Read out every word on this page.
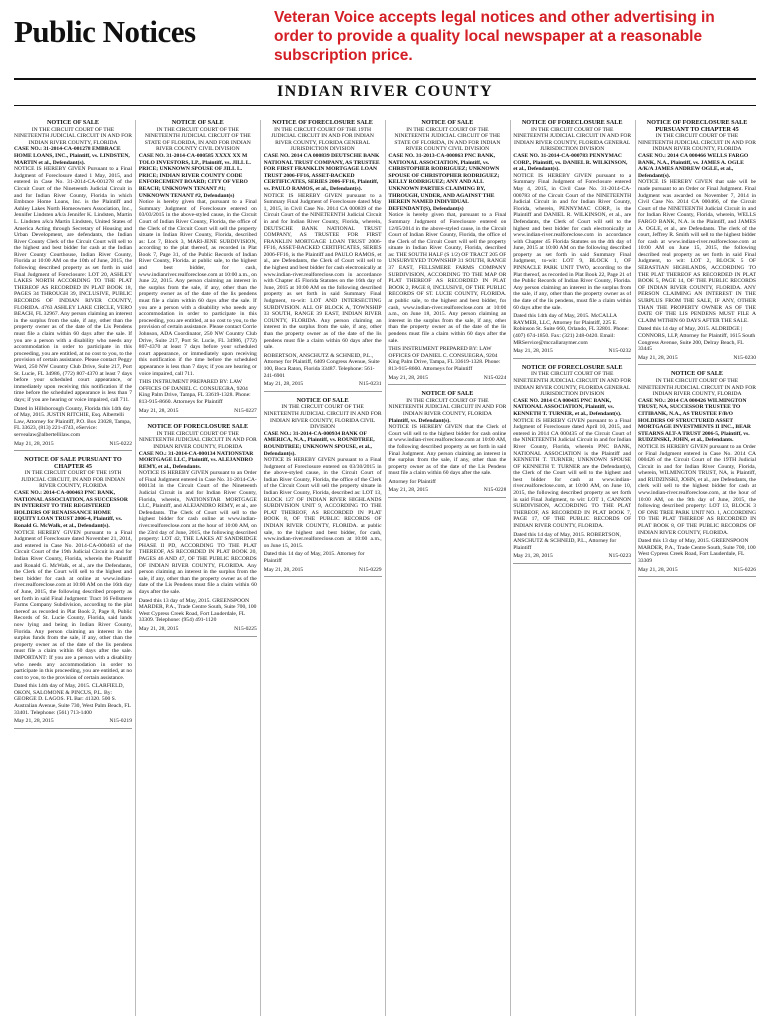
Public Notices	Veteran Voice accepts legal notices and other advertising in order to provide a quality local newspaper at a reasonable subscription price.
INDIAN RIVER COUNTY
NOTICE OF SALE
IN THE CIRCUIT COURT OF THE NINETEENTH JUDICIAL CIRCUIT IN AND FOR INDIAN RIVER COUNTY, FLORIDA
CASE NO.: 31-2014-CA-001278 EMBRACE HOME LOANS, INC., Plaintiff, vs. LINDSTEN, MARTIN et al., Defendant(s).
NOTICE IS HEREBY GIVEN Pursuant to a Final Judgment of Foreclosure dated 1 May, 2015, and entered in Case No. 31-2014-CA-001278 of the Circuit Court of the Nineteenth Judicial Circuit in and for Indian River County, Florida in which Embrace Home Loans, Inc. is the Plaintiff and Ashley Lakes North Homeowners Association, Inc., Jennifer Lindsten a/k/a Jennifer K. Lindsten, Martin L. Lindsten a/k/a Martin Lindsten, United States of America Acting through Secretary of Housing and Urban Development, are defendants, the Indian River County Clerk of the Circuit Court will sell to the highest and best bidder for cash at the Indian River County Courthouse, Indian River County, Florida at 10:00 AM on the 10th of June, 2015, the following described property as set forth in said Final Judgment of Foreclosure: LOT 20, ASHLEY LAKES NORTH ACCORDING TO THE PLAT THEREOF AS RECORDED IN PLAT BOOK 18, PAGES 34 THROUGH 39, INCLUSIVE, PUBLIC RECORDS OF INDIAN RIVER COUNTY, FLORIDA. 4763 ASHLEY LAKE CIRCLE, VERO BEACH, FL 32967. Any person claiming an interest in the surplus from the sale, if any, other than the property owner as of the date of the Lis Pendens must file a claim within 60 days after the sale. If you are a person with a disability who needs any accommodation in order to participate in this proceeding, you are entitled, at no cost to you, to the provision of certain assistance. Please contact Peggy Ward, 250 NW Country Club Drive, Suite 217, Port St. Lucie, FL 34986, (772) 807-4370 at least 7 days before your scheduled court appearance, or immediately upon receiving this notification if the time before the scheduled appearance is less than 7 days; if you are hearing or voice impaired, call 711.
Dated in Hillsborough County, Florida this 14th day of May, 2015. JUSTIN RITCHIE, Esq. Albertelli Law, Attorney for Plaintiff, P.O. Box 23028, Tampa, FL 33623, (813) 221-4743, eService: servealaw@albertellilaw.com
May 21, 28, 2015	N15-0222
NOTICE OF SALE PURSUANT TO CHAPTER 45
IN THE CIRCUIT COURT OF THE 19TH JUDICIAL CIRCUIT, IN AND FOR INDIAN RIVER COUNTY, FLORIDA
CASE NO.: 2014-CA-000463 PNC BANK, NATIONAL ASSOCIATION, AS SUCCESSOR IN INTEREST TO THE REGISTERED HOLDERS OF RENAISSANCE HOME EQUITY LOAN TRUST 2006-4, Plaintiff, vs. Ronald G. McWalk, et al., Defendant(s).
NOTICE HEREBY GIVEN pursuant to a Final Judgment of Foreclosure dated November 21, 2014, and entered in Case No. 2014-CA-000463 of the Circuit Court of the 19th Judicial Circuit in and for Indian River County, Florida, wherein the Plaintiff and Ronald G. McWalk, et al., are the Defendants, the Clerk of the Court will sell to the highest and best bidder for cash at online at www.indian-river.realforeclose.com at 10:00 AM on the 16th day of June, 2015, the following described property as set forth in said Final Judgment: Tract 16 Fellsmere Farms Company Subdivision, according to the plat thereof as recorded in Plat Book 2, Page 8, Public Records of St. Lucie County, Florida, said lands now lying and being in Indian River County, Florida. Any person claiming an interest in the surplus funds from the sale, if any, other than the property owner as of the date of the lis pendens must file a claim within 60 days after the sale. IMPORTANT: If you are a person with a disability who needs any accommodation in order to participate in this proceeding, you are entitled, at no cost to you, to the provision of certain assistance.
Dated this 14th day of May, 2015. CLARFIELD, OKON, SALOMONE & PINCUS, P.L. By: GEORGE D. LAGOS. FL Bar: 41320. 500 S. Australian Avenue, Suite 730, West Palm Beach, FL 33401. Telephone: (561) 713-1400
May 21, 28, 2015	N15-0219
NOTICE OF SALE
IN THE CIRCUIT COURT OF THE NINETEENTH JUDICIAL CIRCUIT OF THE STATE OF FLORIDA, IN AND FOR INDIAN RIVER COUNTY CIVIL DIVISION
CASE NO. 31-2014-CA-000585 XXXX XX M TOLO INVESTORS, LP., Plaintiff, vs. JILL L. PRICE; UNKNOWN SPOUSE OF JILL L. PRICE; INDIAN RIVER COUNTY CODE ENFORCEMENT BOARD; CITY OF VERO BEACH; UNKNOWN TENANT #1; UNKNOWN TENANT #2, Defendant(s)
Notice is hereby given that, pursuant to a Final Summary Judgment of Foreclosure entered on 03/03/2015 in the above-styled cause, in the Circuit Court of Indian River County, Florida, the office of the Clerk of the Circuit Court will sell the property situate in Indian River County, Florida, described as: Lot 7, Block 3, MARI-JENE SUBDIVISION, according to the plat thereof, as recorded in Plat Book 7, Page 31, of the Public Records of Indian River County, Florida. at public sale, to the highest and best bidder, for cash, www.indianriver.realforeclose.com at 10:00 a.m., on June 22, 2015. Any person claiming an interest in the surplus from the sale, if any, other than the property owner as of the date of the lis pendens must file a claim within 60 days after the sale. If you are a person with a disability who needs any accommodation in order to participate in this proceeding, you are entitled, at no cost to you, to the provision of certain assistance. Please contact Corrie Johnson, ADA Coordinator, 250 NW Country Club Drive, Suite 217, Port St. Lucie, FL 34986, (772) 807-4370 at least 7 days before your scheduled court appearance, or immediately upon receiving this notification if the time before the scheduled appearance is less than 7 days; if you are hearing or voice impaired, call 711.
THIS INSTRUMENT PREPARED BY: LAW OFFICES OF DANIEL C. CONSUEGRA, 9204 King Palm Drive, Tampa, FL 33619-1328. Phone: 813-915-8660. Attorneys for Plaintiff
May 21, 28, 2015	N15-0227
NOTICE OF FORECLOSURE SALE
IN THE CIRCUIT COURT OF THE NINETEENTH JUDICIAL CIRCUIT IN AND FOR INDIAN RIVER COUNTY, FLORIDA
CASE NO.: 31-2014-CA-000134 NATIONSTAR MORTGAGE LLC, Plaintiff, vs. ALEJANDRO REMY, et al., Defendants.
NOTICE IS HEREBY GIVEN pursuant to an Order of Final Judgment entered in Case No. 31-2014-CA-000134 in the Circuit Court of the Nineteenth Judicial Circuit in and for Indian River County, Florida, wherein, NATIONSTAR MORTGAGE LLC, Plaintiff, and ALEJANDRO REMY, et al., are Defendants. The Clerk of Court will sell to the highest bidder for cash online at www.indian-river.realforeclose.com at the hour of 10:00 AM, on the 23rd day of June, 2015, the following described property: LOT 42, THE LAKES AT SANDRIDGE PHASE II PD, ACCORDING TO THE PLAT THEREOF, AS RECORDED IN PLAT BOOK 20, PAGES 46 AND 47, OF THE PUBLIC RECORDS OF INDIAN RIVER COUNTY, FLORIDA. Any person claiming an interest in the surplus from the sale, if any, other than the property owner as of the date of the Lis Pendens must file a claim within 60 days after the sale.
Dated this 13 day of May, 2015. GREENSPOON MARDER, P.A., Trade Centre South, Suite 700, 100 West Cypress Creek Road, Fort Lauderdale, FL 33309. Telephone: (954) 491-1120
May 21, 28, 2015	N15-0225
NOTICE OF FORECLOSURE SALE
IN THE CIRCUIT COURT OF THE 19TH JUDICIAL CIRCUIT IN AND FOR INDIAN RIVER COUNTY, FLORIDA GENERAL JURISDICTION DIVISION
CASE NO. 2014 CA 000839 DEUTSCHE BANK NATIONAL TRUST COMPANY, AS TRUSTEE FOR FIRST FRANKLIN MORTGAGE LOAN TRUST 2006-FF16, ASSET-BACKED CERTIFICATES, SERIES 2006-FF16, Plaintiff, vs. PAULO RAMOS, et al., Defendant(s).
NOTICE IS HEREBY GIVEN pursuant to a Summary Final Judgment of Foreclosure dated May 1, 2015, in Civil Case No. 2014 CA 000839 of the Circuit Court of the NINETEENTH Judicial Circuit in and for Indian River County, Florida, wherein, DEUTSCHE BANK NATIONAL TRUST COMPANY, AS TRUSTEE FOR FIRST FRANKLIN MORTGAGE LOAN TRUST 2006-FF16, ASSET-BACKED CERTIFICATES, SERIES 2006-FF16, is the Plaintiff and PAULO RAMOS, et al., are Defendants, the Clerk of Court will sell to the highest and best bidder for cash electronically at www.indian-river.realforeclose.com in accordance with Chapter 45 Florida Statutes on the 16th day of June, 2015 at 10:00 AM on the following described property as set forth in said Summary Final Judgment, to-wit: LOT AND INTERSECTING SUBDIVISION. ALL OF BLOCK A, TOWNSHIP 33 SOUTH, RANGE 39 EAST, INDIAN RIVER COUNTY, FLORIDA. Any person claiming an interest in the surplus from the sale, if any, other than the property owner as of the date of the lis pendens must file a claim within 60 days after the sale.
ROBERTSON, ANSCHUTZ & SCHNEID, P.L., Attorney for Plaintiff, 6409 Congress Avenue, Suite 100, Boca Raton, Florida 33487. Telephone: 561-241-6901
May 21, 28, 2015	N15-0231
NOTICE OF SALE
IN THE CIRCUIT COURT OF THE NINETEENTH JUDICIAL CIRCUIT IN AND FOR INDIAN RIVER COUNTY, FLORIDA CIVIL DIVISION
CASE NO.: 31-2014-CA-000934 BANK OF AMERICA, N.A., Plaintiff, vs. ROUNDTREE, ROUNDTREE; UNKNOWN SPOUSE, et al., Defendant(s).
NOTICE IS HEREBY GIVEN pursuant to a Final Judgment of Foreclosure entered on 03/30/2015 in the above-styled cause, in the Circuit Court of Indian River County, Florida, the office of the Clerk of the Circuit Court will sell the property situate in Indian River County, Florida, described as: LOT 13, BLOCK 127 OF INDIAN RIVER HIGHLANDS SUBDIVISION UNIT 9, ACCORDING TO THE PLAT THEREOF, AS RECORDED IN PLAT BOOK 8, OF THE PUBLIC RECORDS OF INDIAN RIVER COUNTY, FLORIDA. at public sale, to the highest and best bidder, for cash, www.indian-river.realforeclose.com at 10:00 a.m., on June 15, 2015.
Dated this 14 day of May, 2015. Attorney for Plaintiff
May 21, 28, 2015	N15-0229
NOTICE OF SALE
IN THE CIRCUIT COURT OF THE NINETEENTH JUDICIAL CIRCUIT OF THE STATE OF FLORIDA, IN AND FOR INDIAN RIVER COUNTY CIVIL DIVISION
CASE NO. 31-2013-CA-000863 PNC BANK, NATIONAL ASSOCIATION, Plaintiff, vs. CHRISTOPHER RODRIGUEZ; UNKNOWN SPOUSE OF CHRISTOPHER RODRIGUEZ; KELLY RODRIGUEZ; ANY AND ALL UNKNOWN PARTIES CLAIMING BY, THROUGH, UNDER, AND AGAINST THE HEREIN NAMED INDIVIDUAL DEFENDANT(S), Defendant(s)
Notice is hereby given that, pursuant to a Final Summary Judgment of Foreclosure entered on 12/05/2014 in the above-styled cause, in the Circuit Court of Indian River County, Florida, the office of the Clerk of the Circuit Court will sell the property situate in Indian River County, Florida, described as: THE SOUTH HALF (S 1/2) OF TRACT 205 OF UNSURVEYED TOWNSHIP 31 SOUTH, RANGE 37 EAST, FELLSMERE FARMS COMPANY SUBDIVISION, ACCORDING TO THE MAP OR PLAT THEREOF AS RECORDED IN PLAT BOOK 2, PAGE 8, INCLUSIVE, OF THE PUBLIC RECORDS OF ST. LUCIE COUNTY, FLORIDA. at public sale, to the highest and best bidder, for cash, www.indian-river.realforeclose.com at 10:00 a.m., on June 18, 2015. Any person claiming an interest in the surplus from the sale, if any, other than the property owner as of the date of the lis pendens must file a claim within 60 days after the sale.
THIS INSTRUMENT PREPARED BY: LAW OFFICES OF DANIEL C. CONSUEGRA, 9204 King Palm Drive, Tampa, FL 33619-1328. Phone: 813-915-8660. Attorneys for Plaintiff
May 21, 28, 2015	N15-0224
NOTICE OF SALE
IN THE CIRCUIT COURT OF THE NINETEENTH JUDICIAL CIRCUIT IN AND FOR INDIAN RIVER COUNTY, FLORIDA
Plaintiff, vs. Defendant(s).
NOTICE IS HEREBY GIVEN that the Clerk of Court will sell to the highest bidder for cash online at www.indian-river.realforeclose.com at 10:00 AM, the following described property as set forth in said Final Judgment. Any person claiming an interest in the surplus from the sale, if any, other than the property owner as of the date of the Lis Pendens must file a claim within 60 days after the sale.
Attorney for Plaintiff
May 21, 28, 2015	N15-0228
NOTICE OF FORECLOSURE SALE
IN THE CIRCUIT COURT OF THE NINETEENTH JUDICIAL CIRCUIT IN AND FOR INDIAN RIVER COUNTY, FLORIDA GENERAL JURISDICTION DIVISION
CASE NO. 31-2014-CA-000783 PENNYMAC CORP., Plaintiff, vs. DANIEL R. WILKINSON, et al., Defendant(s).
NOTICE IS HEREBY GIVEN pursuant to a Summary Final Judgment of Foreclosure entered May 4, 2015, in Civil Case No. 31-2014-CA-000783 of the Circuit Court of the NINETEENTH Judicial Circuit in and for Indian River County, Florida, wherein, PENNYMAC CORP., is the Plaintiff and DANIEL R. WILKINSON, et al., are Defendants, the Clerk of Court will sell to the highest and best bidder for cash electronically at www.indian-river.realforeclose.com in accordance with Chapter 45 Florida Statutes on the 4th day of June, 2015 at 10:00 AM on the following described property as set forth in said Summary Final Judgment, to-wit: LOT 9, BLOCK 1, OF PINNACLE PARK UNIT TWO, according to the Plat thereof, as recorded in Plat Book 22, Page 21 of the Public Records of Indian River County, Florida. Any person claiming an interest in the surplus from the sale, if any, other than the property owner as of the date of the lis pendens, must file a claim within 60 days after the sale.
Dated this 14th day of May, 2015. McCALLA RAYMER, LLC, Attorney for Plaintiff, 225 E. Robinson St. Suite 660, Orlando, FL 32801. Phone: (407) 674-1850. Fax: (321) 248-0420. Email: MRService@mccallaraymer.com
May 21, 28, 2015	N15-0232
NOTICE OF FORECLOSURE SALE
IN THE CIRCUIT COURT OF THE NINETEENTH JUDICIAL CIRCUIT IN AND FOR INDIAN RIVER COUNTY, FLORIDA GENERAL JURISDICTION DIVISION
CASE NO. 2014 CA 000435 PNC BANK, NATIONAL ASSOCIATION, Plaintiff, vs. KENNETH T. TURNER, et al., Defendant(s).
NOTICE IS HEREBY GIVEN pursuant to a Final Judgment of Foreclosure dated April 10, 2015, and entered in 2014 CA 000435 of the Circuit Court of the NINETEENTH Judicial Circuit in and for Indian River County, Florida, wherein PNC BANK, NATIONAL ASSOCIATION is the Plaintiff and KENNETH T. TURNER; UNKNOWN SPOUSE OF KENNETH T. TURNER are the Defendant(s), the Clerk of the Court will sell to the highest and best bidder for cash at www.indian-river.realforeclose.com, at 10:00 AM, on June 10, 2015, the following described property as set forth in said Final Judgment, to wit: LOT 1, CANNON SUBDIVISION, ACCORDING TO THE PLAT THEREOF, AS RECORDED IN PLAT BOOK 7, PAGE 17, OF THE PUBLIC RECORDS OF INDIAN RIVER COUNTY, FLORIDA.
Dated this 14 day of May, 2015. ROBERTSON, ANSCHUTZ & SCHNEID, P.L., Attorney for Plaintiff
May 21, 28, 2015	N15-0223
NOTICE OF FORECLOSURE SALE PURSUANT TO CHAPTER 45
IN THE CIRCUIT COURT OF THE NINETEENTH JUDICIAL CIRCUIT IN AND FOR INDIAN RIVER COUNTY, FLORIDA
CASE NO.: 2014 CA 000466 WELLS FARGO BANK, N.A., Plaintiff, vs. JAMES A. OGLE A/K/A JAMES ANDREW OGLE, et al., Defendant(s).
NOTICE IS HEREBY GIVEN that sale will be made pursuant to an Order or Final Judgment. Final Judgment was awarded on November 7, 2014 in Civil Case No. 2014 CA 000466, of the Circuit Court of the NINETEENTH Judicial Circuit in and for Indian River County, Florida, wherein, WELLS FARGO BANK, N.A. is the Plaintiff, and JAMES A. OGLE, et al., are Defendants. The clerk of the court, Jeffrey R. Smith will sell to the highest bidder for cash at www.indian-river.realforeclose.com at 10:00 AM on June 15, 2015, the following described real property as set forth in said Final Judgment, to wit: LOT 2, BLOCK 5 OF SEBASTIAN HIGHLANDS, ACCORDING TO THE PLAT THEREOF AS RECORDED IN PLAT BOOK 5, PAGE 14, OF THE PUBLIC RECORDS OF INDIAN RIVER COUNTY, FLORIDA. ANY PERSON CLAIMING AN INTEREST IN THE SURPLUS FROM THE SALE, IF ANY, OTHER THAN THE PROPERTY OWNER AS OF THE DATE OF THE LIS PENDENS MUST FILE A CLAIM WITHIN 60 DAYS AFTER THE SALE.
Dated this 14 day of May, 2015. ALDRIDGE | CONNORS, LLP, Attorney for Plaintiff, 1615 South Congress Avenue, Suite 200, Delray Beach, FL 33445
May 21, 28, 2015	N15-0230
NOTICE OF SALE
IN THE CIRCUIT COURT OF THE NINETEENTH JUDICIAL CIRCUIT IN AND FOR INDIAN RIVER COUNTY, FLORIDA
CASE NO.: 2014 CA 000426 WILMINGTON TRUST, NA, SUCCESSOR TRUSTEE TO CITIBANK, N.A., AS TRUSTEE F/B/O HOLDERS OF STRUCTURED ASSET MORTGAGE INVESTMENTS II INC., BEAR STEARNS ALT-A TRUST 2006-5, Plaintiff, vs. RUDZINSKI, JOHN, et al., Defendants.
NOTICE IS HEREBY GIVEN pursuant to an Order or Final Judgment entered in Case No. 2014 CA 000426 of the Circuit Court of the 19TH Judicial Circuit in and for Indian River County, Florida, wherein, WILMINGTON TRUST, NA, is Plaintiff, and RUDZINSKI, JOHN, et al., are Defendants, the clerk will sell to the highest bidder for cash at www.indian-river.realforeclose.com, at the hour of 10:00 AM, on the 9th day of June, 2015, the following described property: LOT 13, BLOCK 3 OF ONE TREE PARK UNIT NO. 1, ACCORDING TO THE PLAT THEREOF AS RECORDED IN PLAT BOOK 8, OF THE PUBLIC RECORDS OF INDIAN RIVER COUNTY, FLORIDA.
Dated this 13 day of May, 2015. GREENSPOON MARDER, P.A., Trade Centre South, Suite 700, 100 West Cypress Creek Road, Fort Lauderdale, FL 33309
May 21, 28, 2015	N15-0226
